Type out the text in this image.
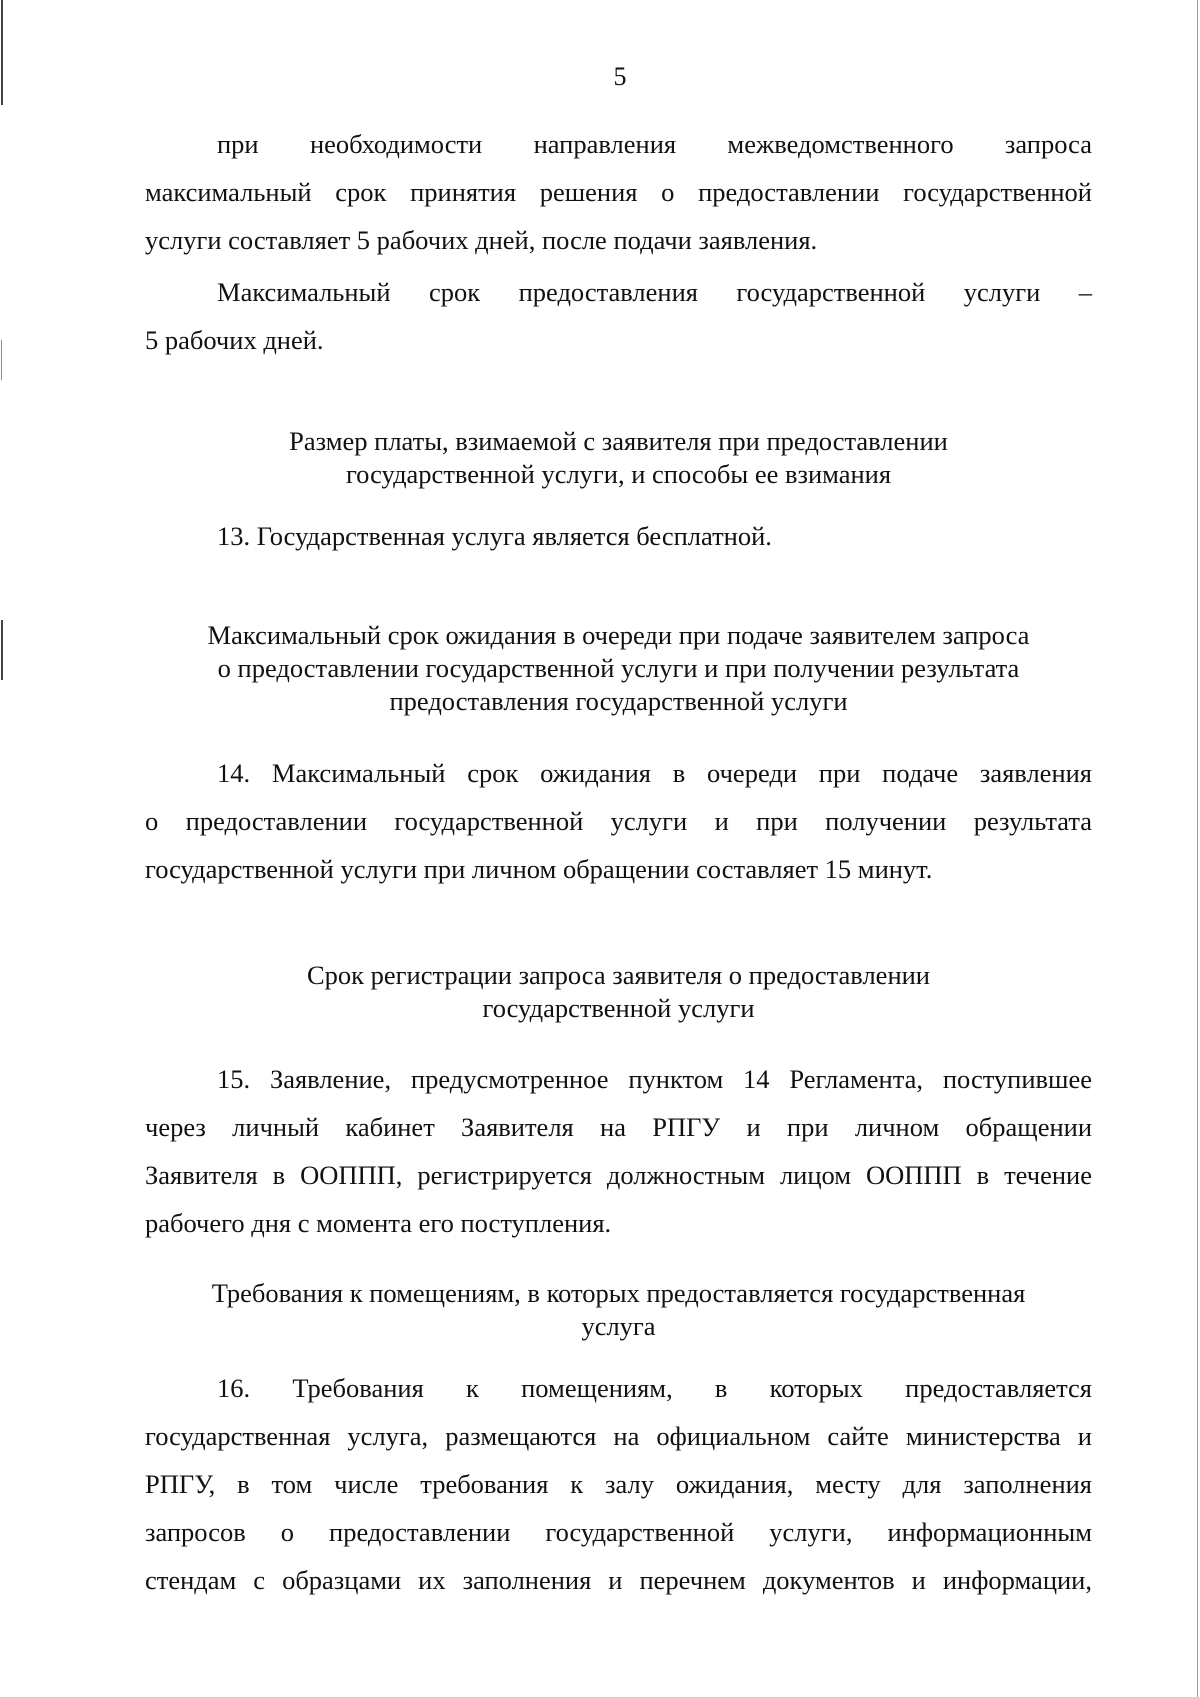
5
при необходимости направления межведомственного запроса
максимальный срок принятия решения о предоставлении государственной
услуги составляет 5 рабочих дней, после подачи заявления.
Максимальный срок предоставления государственной услуги –
5 рабочих дней.
Размер платы, взимаемой с заявителя при предоставлении
государственной услуги, и способы ее взимания
13. Государственная услуга является бесплатной.
Максимальный срок ожидания в очереди при подаче заявителем запроса
о предоставлении государственной услуги и при получении результата
предоставления государственной услуги
14. Максимальный срок ожидания в очереди при подаче заявления
о предоставлении государственной услуги и при получении результата
государственной услуги при личном обращении составляет 15 минут.
Срок регистрации запроса заявителя о предоставлении
государственной услуги
15. Заявление, предусмотренное пунктом 14 Регламента, поступившее
через личный кабинет Заявителя на РПГУ и при личном обращении
Заявителя в ООППП, регистрируется должностным лицом ООППП в течение
рабочего дня с момента его поступления.
Требования к помещениям, в которых предоставляется государственная
услуга
16. Требования к помещениям, в которых предоставляется
государственная услуга, размещаются на официальном сайте министерства и
РПГУ, в том числе требования к залу ожидания, месту для заполнения
запросов о предоставлении государственной услуги, информационным
стендам с образцами их заполнения и перечнем документов и информации,
